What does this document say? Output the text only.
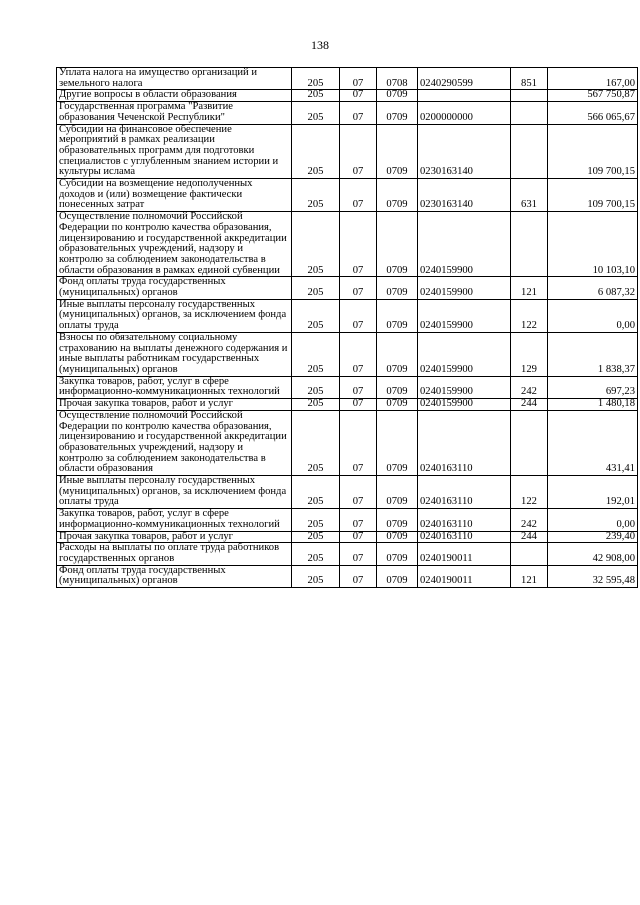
138
Уплата налога на имущество организаций и земельного налога	205	07	0708	0240290599	851	167,00
Другие вопросы в области образования	205	07	0709			567 750,87
Государственная программа "Развитие образования Чеченской Республики"	205	07	0709	0200000000		566 065,67
Субсидии на финансовое обеспечение мероприятий в рамках реализации образовательных программ для подготовки специалистов с углубленным знанием истории и культуры ислама	205	07	0709	0230163140		109 700,15
Субсидии на возмещение недополученных доходов и (или) возмещение фактически понесенных затрат	205	07	0709	0230163140	631	109 700,15
Осуществление полномочий Российской Федерации по контролю качества образования, лицензированию и государственной аккредитации образовательных учреждений, надзору и контролю за соблюдением законодательства в области образования в рамках единой субвенции	205	07	0709	0240159900		10 103,10
Фонд оплаты труда государственных (муниципальных) органов	205	07	0709	0240159900	121	6 087,32
Иные выплаты персоналу государственных (муниципальных) органов, за исключением фонда оплаты труда	205	07	0709	0240159900	122	0,00
Взносы по обязательному социальному страхованию на выплаты денежного содержания и иные выплаты работникам государственных (муниципальных) органов	205	07	0709	0240159900	129	1 838,37
Закупка товаров, работ, услуг в сфере информационно-коммуникационных технологий	205	07	0709	0240159900	242	697,23
Прочая закупка товаров, работ и услуг	205	07	0709	0240159900	244	1 480,18
Осуществление полномочий Российской Федерации по контролю качества образования, лицензированию и государственной аккредитации образовательных учреждений, надзору и контролю за соблюдением законодательства в области образования	205	07	0709	0240163110		431,41
Иные выплаты персоналу государственных (муниципальных) органов, за исключением фонда оплаты труда	205	07	0709	0240163110	122	192,01
Закупка товаров, работ, услуг в сфере информационно-коммуникационных технологий	205	07	0709	0240163110	242	0,00
Прочая закупка товаров, работ и услуг	205	07	0709	0240163110	244	239,40
Расходы на выплаты по оплате труда работников государственных органов	205	07	0709	0240190011		42 908,00
Фонд оплаты труда государственных (муниципальных) органов	205	07	0709	0240190011	121	32 595,48
